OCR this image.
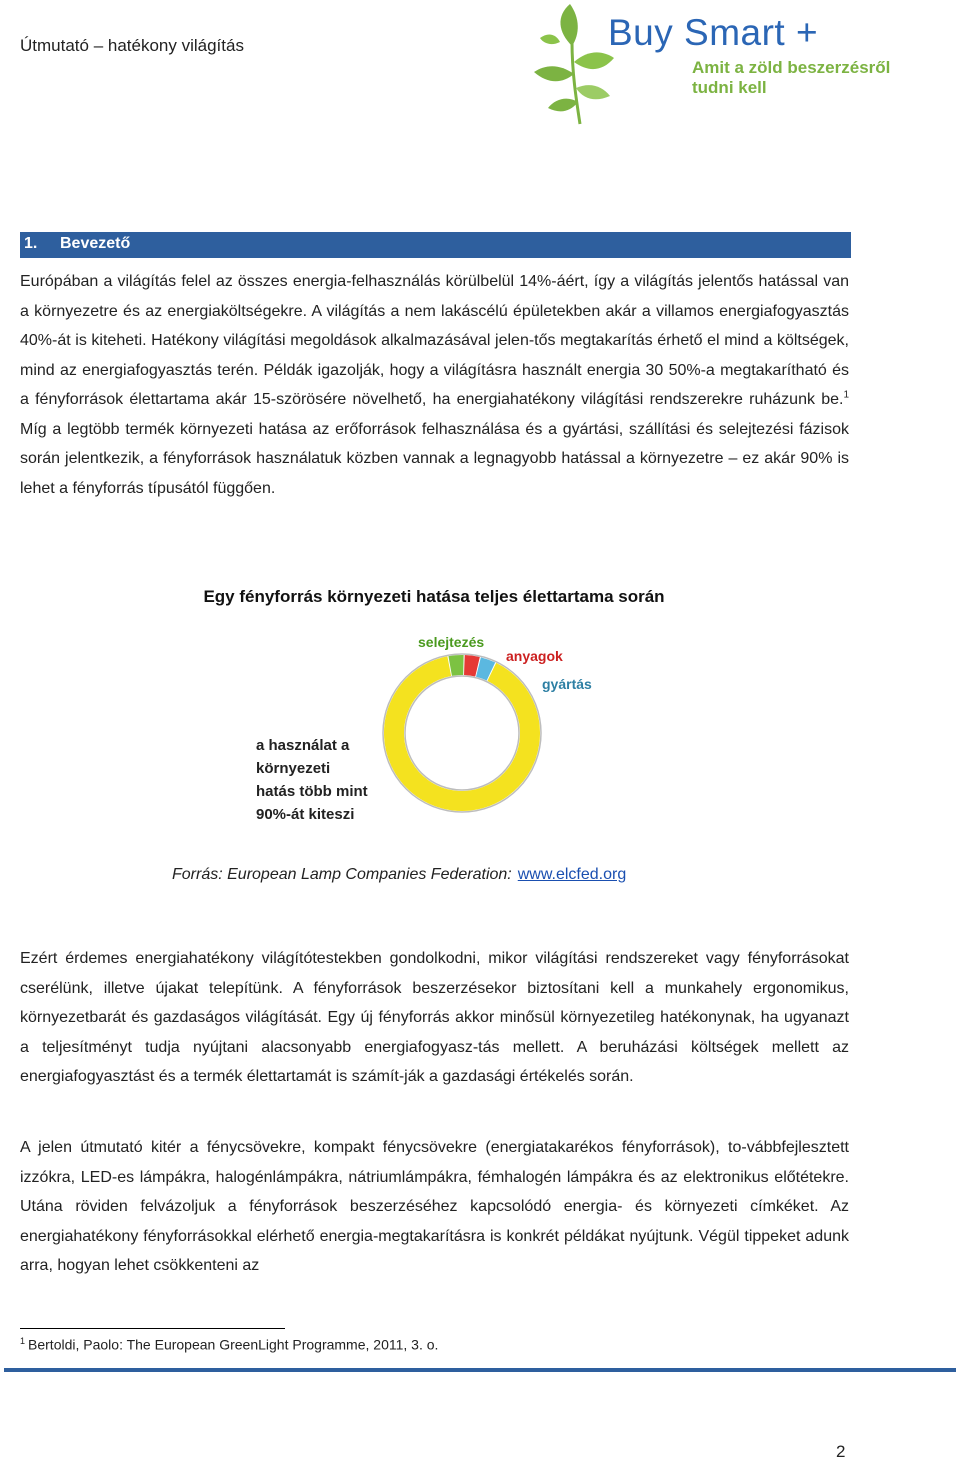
Útmutató – hatékony világítás	Buy Smart +
Amit a zöld beszerzésről
tudni kell
1. Bevezető

Európában a világítás felel az összes energia-felhasználás körülbelül 14%-áért, így a világítás jelentős hatással van a környezetre és az energiaköltségekre. A világítás a nem lakáscélú épületekben akár a villamos energiafogyasztás 40%-át is kiteheti. Hatékony világítási megoldások alkalmazásával jelen-tős megtakarítás érhető el mind a költségek, mind az energiafogyasztás terén. Példák igazolják, hogy a világításra használt energia 30 50%-a megtakarítható és a fényforrások élettartama akár 15-szörösére növelhető, ha energiahatékony világítási rendszerekre ruházunk be.$^1$ Míg a legtöbb termék környezeti hatása az erőforrások felhasználása és a gyártási, szállítási és selejtezési fázisok során jelentkezik, a fényforrások használatuk közben vannak a legnagyobb hatással a környezetre – ez akár 90% is lehet a fényforrás típusától függően.

Egy fényforrás környezeti hatása teljes élettartama során
selejtezés
anyagok
gyártás
a használat a
környezeti
hatás több mint
90%-át kiteszi
Forrás: European Lamp Companies Federation: www.elcfed.org

Ezért érdemes energiahatékony világítótestekben gondolkodni, mikor világítási rendszereket vagy fényforrásokat cserélünk, illetve újakat telepítünk. A fényforrások beszerzésekor biztosítani kell a munkahely ergonomikus, környezetbarát és gazdaságos világítását. Egy új fényforrás akkor minősül környezetileg hatékonynak, ha ugyanazt a teljesítményt tudja nyújtani alacsonyabb energiafogyasz-tás mellett. A beruházási költségek mellett az energiafogyasztást és a termék élettartamát is számít-ják a gazdasági értékelés során.

A jelen útmutató kitér a fénycsövekre, kompakt fénycsövekre (energiatakarékos fényforrások), to-vábbfejlesztett izzókra, LED-es lámpákra, halogénlámpákra, nátriumlámpákra, fémhalogén lámpákra és az elektronikus előtétekre. Utána röviden felvázoljuk a fényforrások beszerzéséhez kapcsolódó energia- és környezeti címkéket. Az energiahatékony fényforrásokkal elérhető energia-megtakarításra is konkrét példákat nyújtunk. Végül tippeket adunk arra, hogyan lehet csökkenteni az

$^1$ Bertoldi, Paolo: The European GreenLight Programme, 2011, 3. o.
2
